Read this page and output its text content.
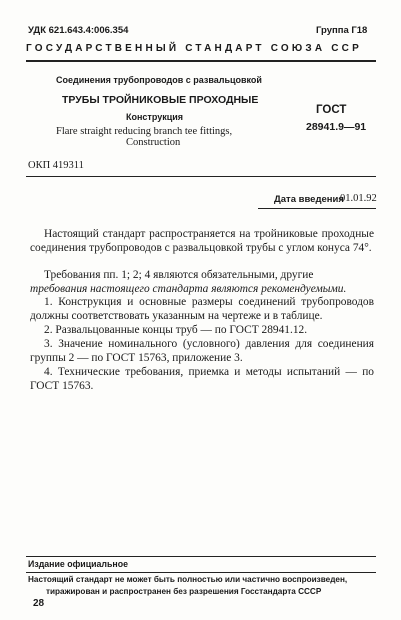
УДК 621.643.4:006.354	Группа Г18
ГОСУДАРСТВЕННЫЙ СТАНДАРТ СОЮЗА ССР
Соединения трубопроводов с развальцовкой
ТРУБЫ ТРОЙНИКОВЫЕ ПРОХОДНЫЕ
Конструкция
Flare straight reducing branch tee fittings,
Construction
ГОСТ
28941.9—91
ОКП 419311
Дата введения
01.01.92
Настоящий стандарт распространяется на тройниковые проходные соединения трубопроводов с развальцовкой трубы с углом конуса 74°.
Требования пп. 1; 2; 4 являются обязательными, другие
требования настоящего стандарта являются рекомендуемыми.
1. Конструкция и основные размеры соединений трубопроводов должны соответствовать указанным на чертеже и в таблице.
2. Развальцованные концы труб — по ГОСТ 28941.12.
3. Значение номинального (условного) давления для соединения группы 2 — по ГОСТ 15763, приложение 3.
4. Технические требования, приемка и методы испытаний — по ГОСТ 15763.
Издание официальное
Настоящий стандарт не может быть полностью или частично воспроизведен,
тиражирован и распространен без разрешения Госстандарта СССР
28
